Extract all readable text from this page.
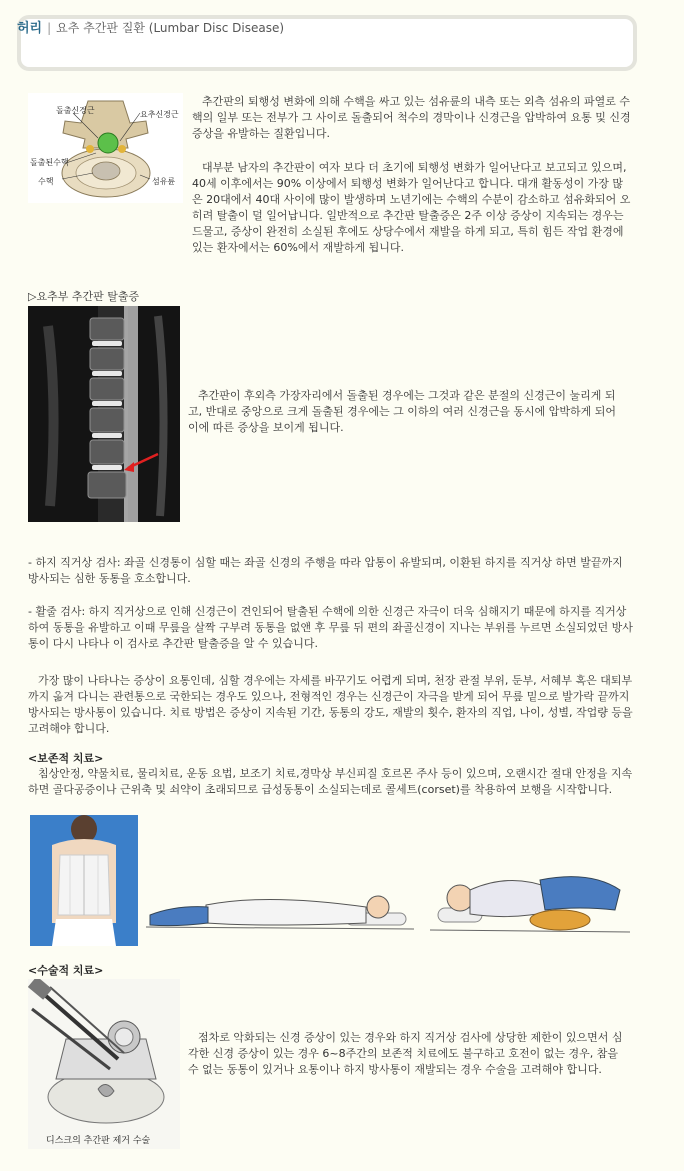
허리 | 요추 추간판 질환 (Lumbar Disc Disease)
돌출신경근	요추신경근
돌출된수핵
수핵	섬유륜
추간판의 퇴행성 변화에 의해 수핵을 싸고 있는 섬유륜의 내측 또는 외측 섬유의 파열로 수핵의 일부 또는 전부가 그 사이로 돌출되어 척수의 경막이나 신경근을 압박하여 요통 및 신경 증상을 유발하는 질환입니다.
대부분 남자의 추간판이 여자 보다 더 초기에 퇴행성 변화가 일어난다고 보고되고 있으며, 40세 이후에서는 90% 이상에서 퇴행성 변화가 일어난다고 합니다. 대개 활동성이 가장 많은 20대에서 40대 사이에 많이 발생하며 노년기에는 수핵의 수분이 감소하고 섬유화되어 오히려 탈출이 덜 일어납니다. 일반적으로 추간판 탈출증은 2주 이상 증상이 지속되는 경우는 드물고, 증상이 완전히 소실된 후에도 상당수에서 재발을 하게 되고, 특히 힘든 작업 환경에 있는 환자에서는 60%에서 재발하게 됩니다.
▷요추부 추간판 탈출증
추간판이 후외측 가장자리에서 돌출된 경우에는 그것과 같은 분절의 신경근이 눌리게 되고, 반대로 중앙으로 크게 돌출된 경우에는 그 이하의 여러 신경근을 동시에 압박하게 되어 이에 따른 증상을 보이게 됩니다.
- 하지 직거상 검사: 좌골 신경통이 심할 때는 좌골 신경의 주행을 따라 압통이 유발되며, 이환된 하지를 직거상 하면 발끝까지 방사되는 심한 동통을 호소합니다.
- 활줄 검사: 하지 직거상으로 인해 신경근이 견인되어 탈출된 수핵에 의한 신경근 자극이 더욱 심해지기 때문에 하지를 직거상하여 동통을 유발하고 이때 무릎을 살짝 구부려 동통을 없앤 후 무릎 뒤 편의 좌골신경이 지나는 부위를 누르면 소실되었던 방사통이 다시 나타나 이 검사로 추간판 탈출증을 알 수 있습니다.
가장 많이 나타나는 증상이 요통인데, 심할 경우에는 자세를 바꾸기도 어렵게 되며, 천장 관절 부위, 둔부, 서혜부 혹은 대퇴부까지 옮겨 다니는 관련통으로 국한되는 경우도 있으나, 전형적인 경우는 신경근이 자극을 받게 되어 무릎 밑으로 발가락 끝까지 방사되는 방사통이 있습니다. 치료 방법은 증상이 지속된 기간, 동통의 강도, 재발의 횟수, 환자의 직업, 나이, 성별, 작업량 등을 고려해야 합니다.
<보존적 치료>
침상안정, 약물치료, 물리치료, 운동 요법, 보조기 치료,경막상 부신피질 호르몬 주사 등이 있으며, 오랜시간 절대 안정을 지속하면 골다공증이나 근위축 및 쇠약이 초래되므로 급성동통이 소실되는데로 콜세트(corset)를 착용하여 보행을 시작합니다.
<수술적 치료>
디스크의 추간판 제거 수술
점차로 악화되는 신경 증상이 있는 경우와 하지 직거상 검사에 상당한 제한이 있으면서 심각한 신경 증상이 있는 경우 6~8주간의 보존적 치료에도 불구하고 호전이 없는 경우, 참을 수 없는 동통이 있거나 요통이나 하지 방사통이 재발되는 경우 수술을 고려해야 합니다.
